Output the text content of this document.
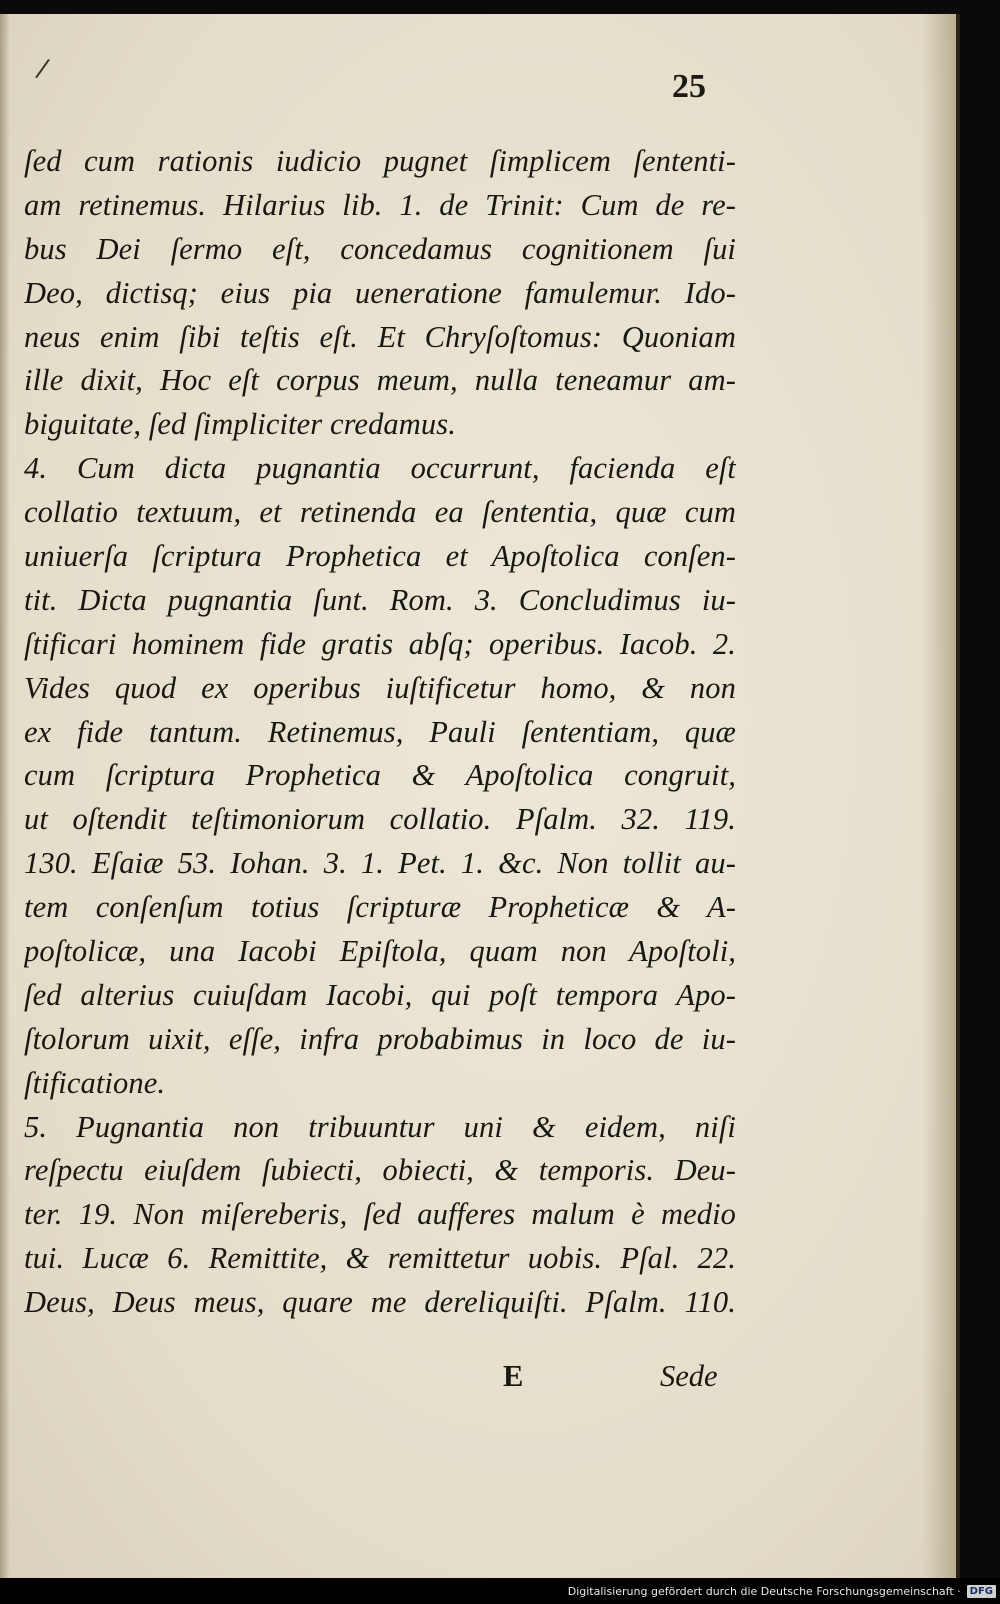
/	25
ſed cum rationis iudicio pugnet ſimplicem ſententi-
am retinemus. Hilarius lib. 1. de Trinit: Cum de re-
bus Dei ſermo eſt, concedamus cognitionem ſui
Deo, dictisq; eius pia ueneratione famulemur. Ido-
neus enim ſibi teſtis eſt. Et Chryſoſtomus: Quoniam
ille dixit, Hoc eſt corpus meum, nulla teneamur am-
biguitate, ſed ſimpliciter credamus.
4. Cum dicta pugnantia occurrunt, facienda eſt
collatio textuum, et retinenda ea ſententia, quæ cum
uniuerſa ſcriptura Prophetica et Apoſtolica conſen-
tit. Dicta pugnantia ſunt. Rom. 3. Concludimus iu-
ſtificari hominem fide gratis abſq; operibus. Iacob. 2.
Vides quod ex operibus iuſtificetur homo, & non
ex fide tantum. Retinemus, Pauli ſententiam, quæ
cum ſcriptura Prophetica & Apoſtolica congruit,
ut oſtendit teſtimoniorum collatio. Pſalm. 32. 119.
130. Eſaiæ 53. Iohan. 3. 1. Pet. 1. &c. Non tollit au-
tem conſenſum totius ſcripturæ Propheticæ & A-
poſtolicæ, una Iacobi Epiſtola, quam non Apoſtoli,
ſed alterius cuiuſdam Iacobi, qui poſt tempora Apo-
ſtolorum uixit, eſſe, infra probabimus in loco de iu-
ſtificatione.
5. Pugnantia non tribuuntur uni & eidem, niſi
reſpectu eiuſdem ſubiecti, obiecti, & temporis. Deu-
ter. 19. Non miſereberis, ſed aufferes malum è medio
tui. Lucæ 6. Remittite, & remittetur uobis. Pſal. 22.
Deus, Deus meus, quare me dereliquiſti. Pſalm. 110.
E	Sede
Digitalisierung gefördert durch die Deutsche Forschungsgemeinschaft · DFG
